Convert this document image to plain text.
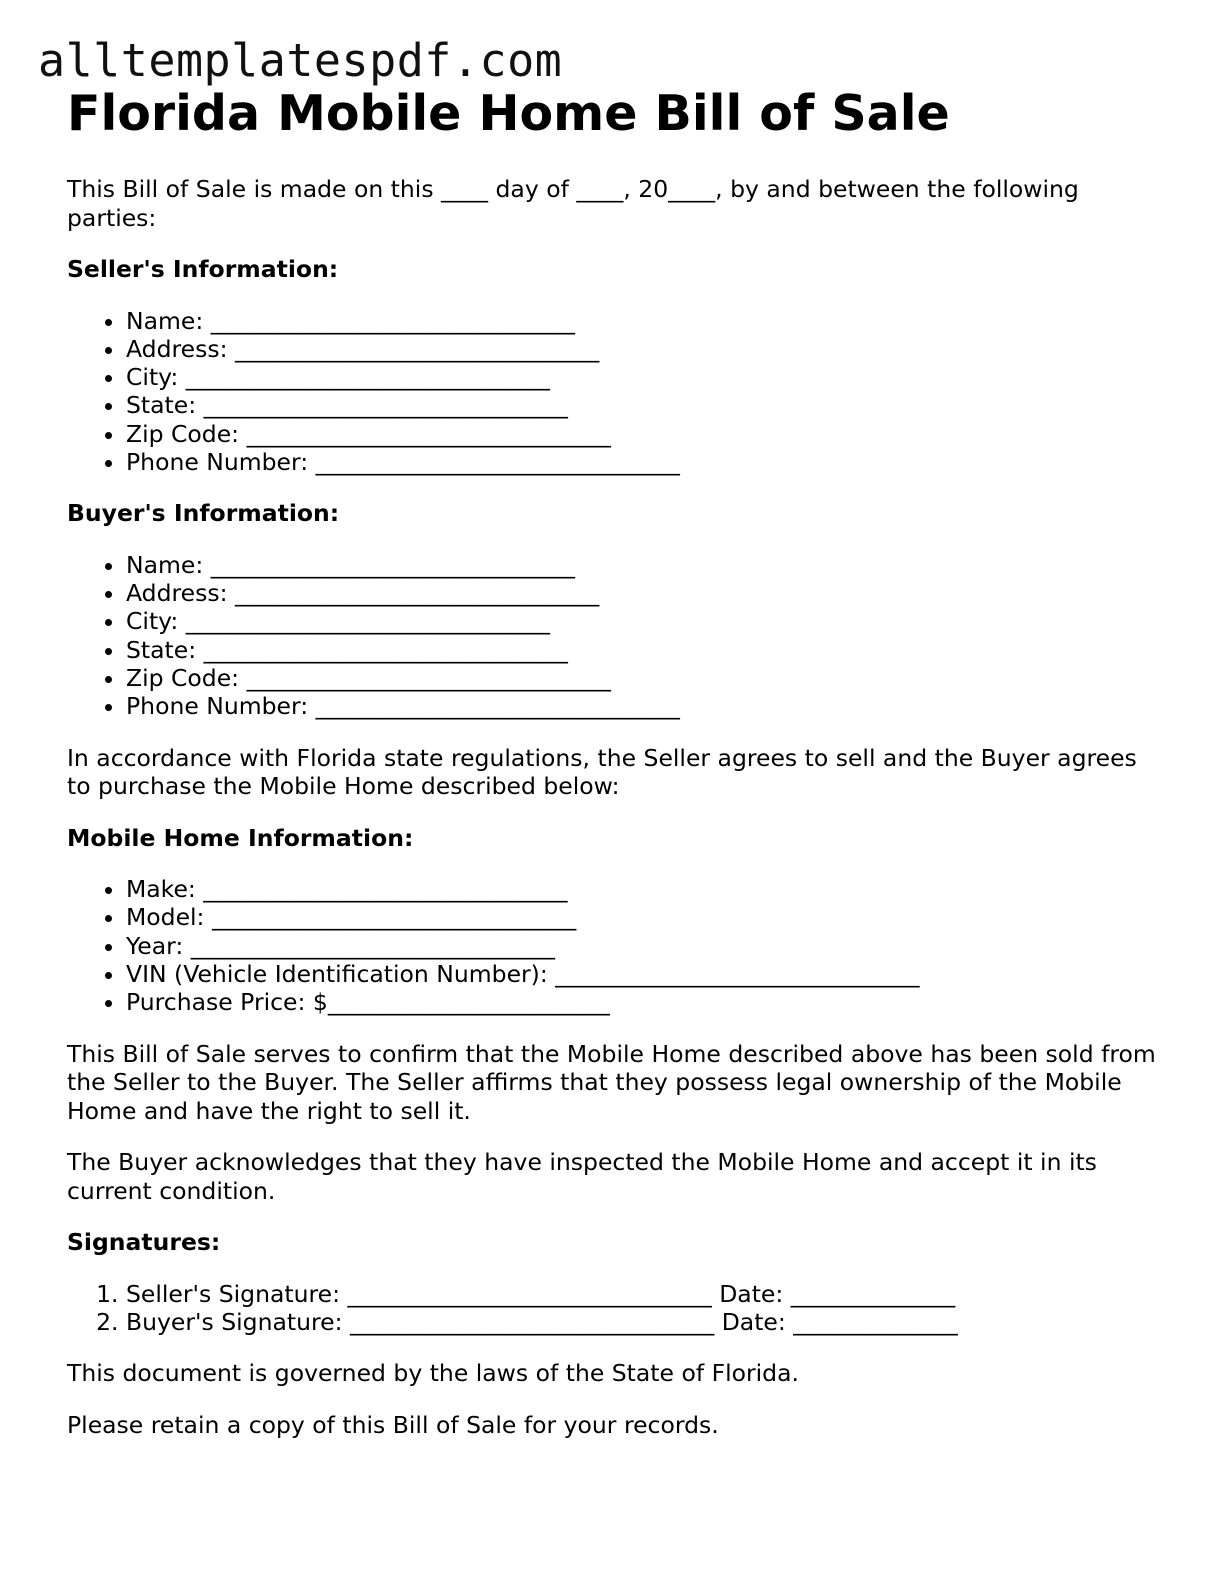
alltemplatespdf.com
Florida Mobile Home Bill of Sale

This Bill of Sale is made on this ____ day of ____, 20____, by and between the following parties:

Seller's Information:
• Name: _______________________________
• Address: _______________________________
• City: _______________________________
• State: _______________________________
• Zip Code: _______________________________
• Phone Number: _______________________________
Buyer's Information:
• Name: _______________________________
• Address: _______________________________
• City: _______________________________
• State: _______________________________
• Zip Code: _______________________________
• Phone Number: _______________________________

In accordance with Florida state regulations, the Seller agrees to sell and the Buyer agrees to purchase the Mobile Home described below:

Mobile Home Information:
• Make: _______________________________
• Model: _______________________________
• Year: _______________________________
• VIN (Vehicle Identification Number): _______________________________
• Purchase Price: $________________________

This Bill of Sale serves to confirm that the Mobile Home described above has been sold from the Seller to the Buyer. The Seller affirms that they possess legal ownership of the Mobile Home and have the right to sell it.

The Buyer acknowledges that they have inspected the Mobile Home and accept it in its current condition.

Signatures:
1. Seller's Signature: _______________________________ Date: ______________
2. Buyer's Signature: _______________________________ Date: ______________

This document is governed by the laws of the State of Florida.

Please retain a copy of this Bill of Sale for your records.
